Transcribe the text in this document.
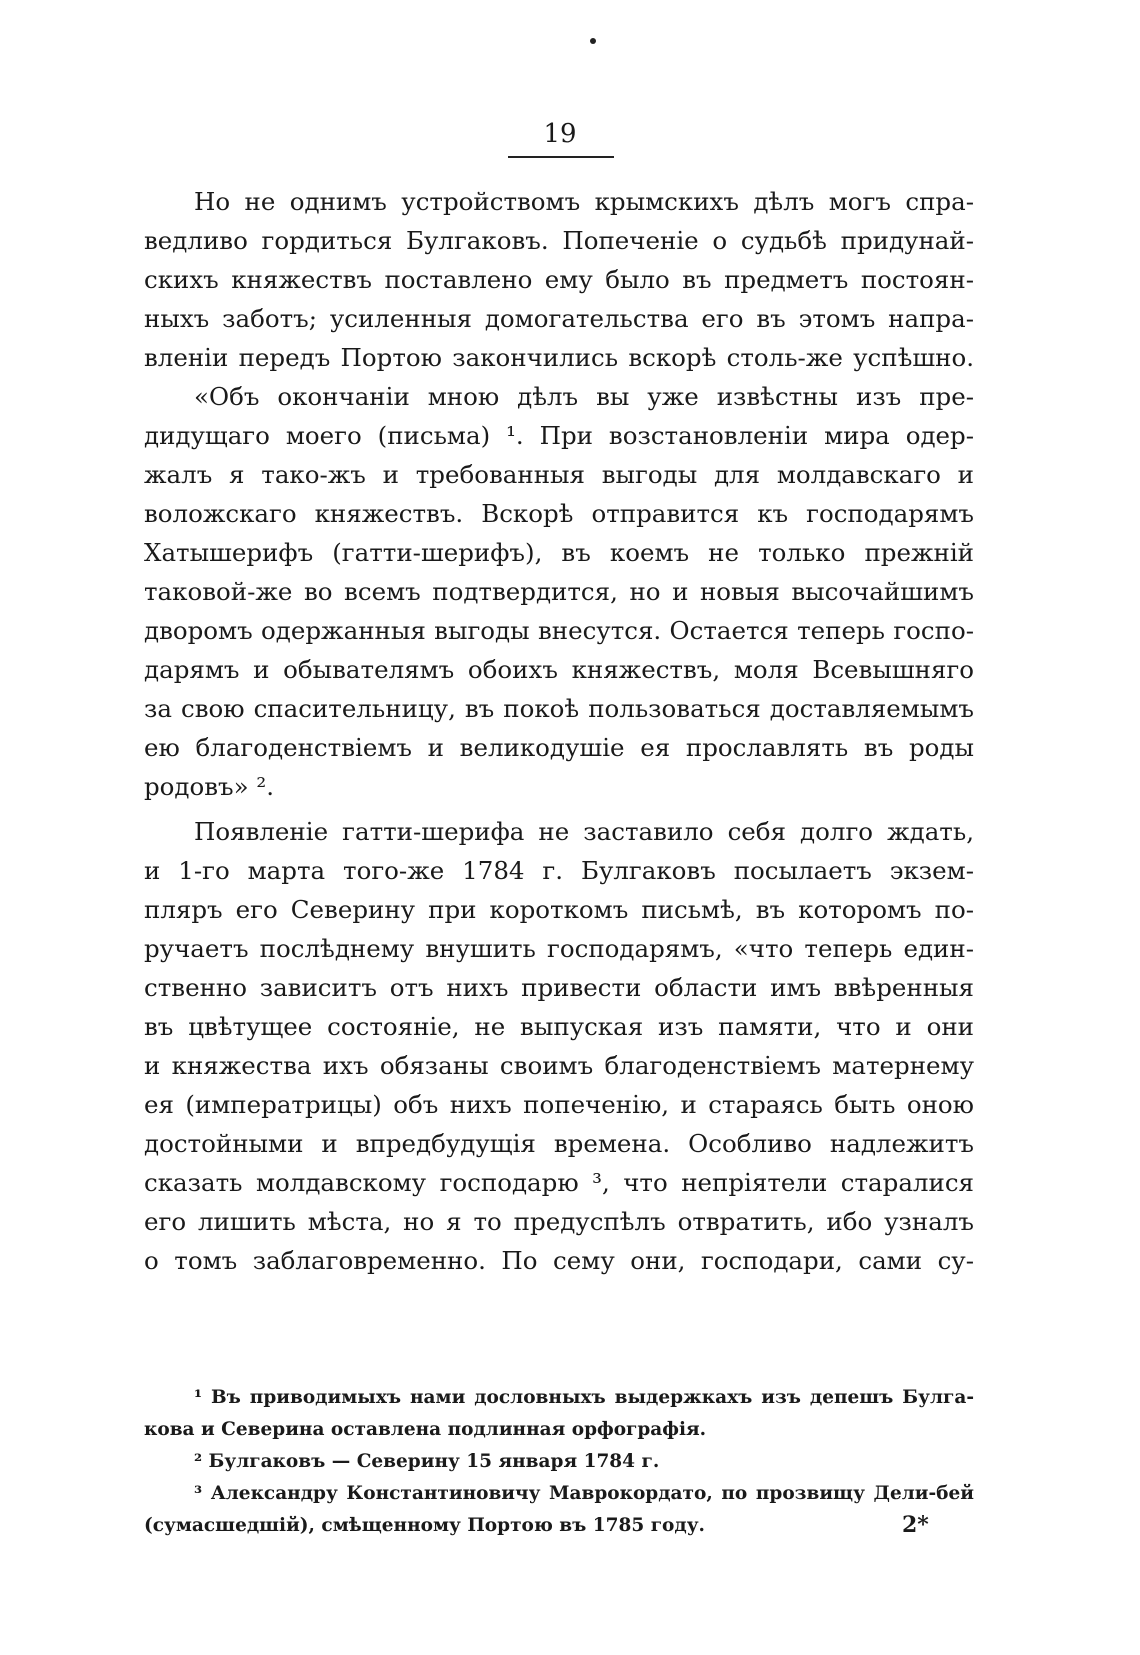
19
Но не однимъ устройствомъ крымскихъ дѣлъ могъ спра-
ведливо гордиться Булгаковъ. Попеченіе о судьбѣ придунай-
скихъ княжествъ поставлено ему было въ предметъ постоян-
ныхъ заботъ; усиленныя домогательства его въ этомъ напра-
вленіи передъ Портою закончились вскорѣ столь-же успѣшно.
«Объ окончаніи мною дѣлъ вы уже извѣстны изъ пре-
дидущаго моего (письма) ¹. При возстановленіи мира одер-
жалъ я тако-жъ и требованныя выгоды для молдавскаго и
воложскаго княжествъ. Вскорѣ отправится къ господарямъ
Хатышерифъ (гатти-шерифъ), въ коемъ не только прежній
таковой-же во всемъ подтвердится, но и новыя высочайшимъ
дворомъ одержанныя выгоды внесутся. Остается теперь госпо-
дарямъ и обывателямъ обоихъ княжествъ, моля Всевышняго
за свою спасительницу, въ покоѣ пользоваться доставляемымъ
ею благоденствіемъ и великодушіе ея прославлять въ роды
родовъ» ².
Появленіе гатти-шерифа не заставило себя долго ждать,
и 1-го марта того-же 1784 г. Булгаковъ посылаетъ экзем-
пляръ его Северину при короткомъ письмѣ, въ которомъ по-
ручаетъ послѣднему внушить господарямъ, «что теперь един-
ственно зависитъ отъ нихъ привести области имъ ввѣренныя
въ цвѣтущее состояніе, не выпуская изъ памяти, что и они
и княжества ихъ обязаны своимъ благоденствіемъ матернему
ея (императрицы) объ нихъ попеченію, и стараясь быть оною
достойными и впредбудущія времена. Особливо надлежитъ
сказать молдавскому господарю ³, что непріятели старалися
его лишить мѣста, но я то предуспѣлъ отвратить, ибо узналъ
о томъ заблаговременно. По сему они, господари, сами су-
¹ Въ приводимыхъ нами дословныхъ выдержкахъ изъ депешъ Булга-
кова и Северина оставлена подлинная орфографія.
² Булгаковъ — Северину 15 января 1784 г.
³ Александру Константиновичу Маврокордато, по прозвищу Дели-бей
(сумасшедшій), смѣщенному Портою въ 1785 году.	2*
